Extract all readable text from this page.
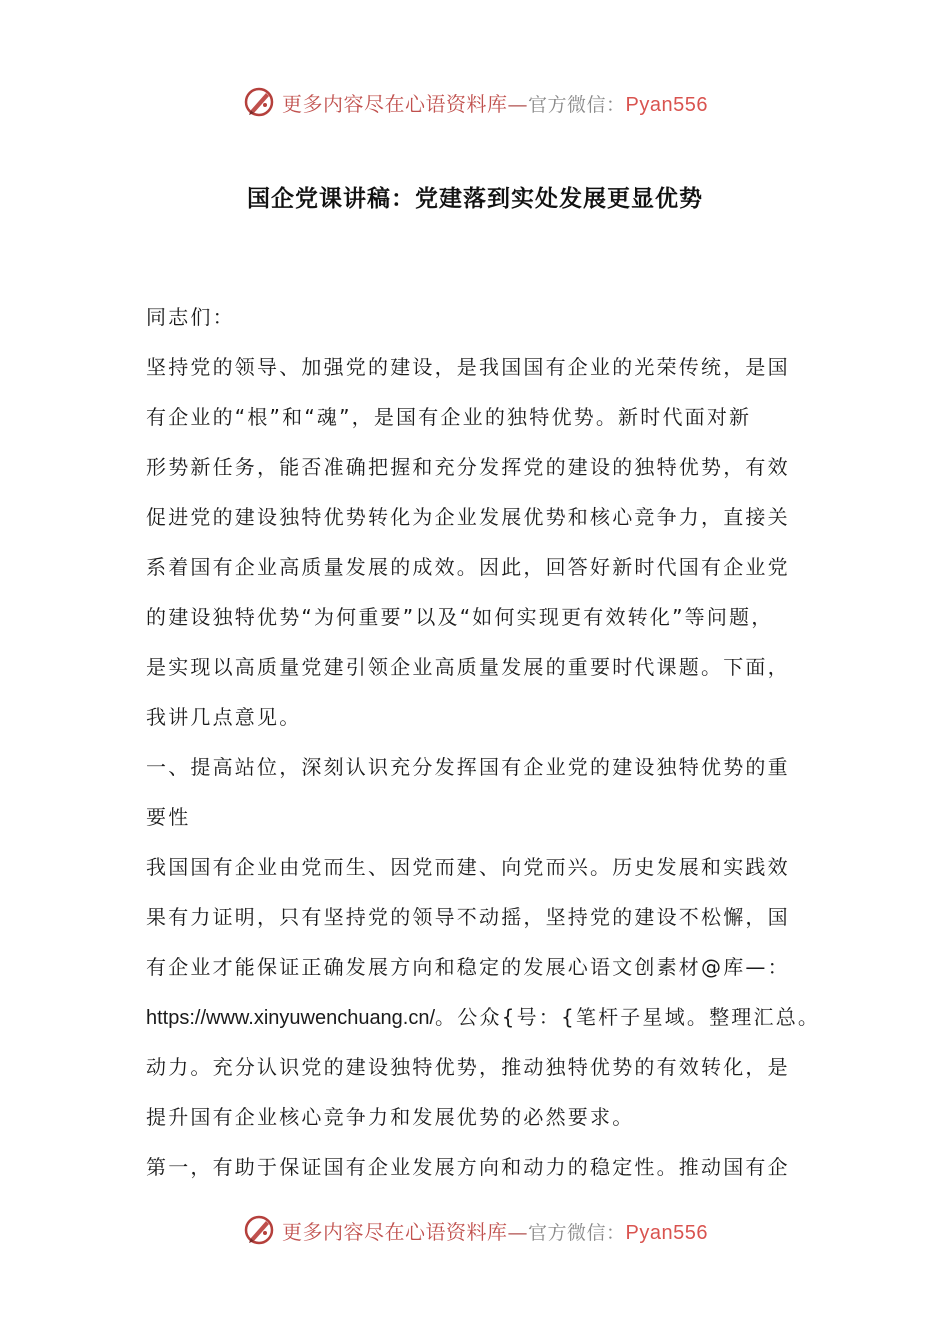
更多内容尽在心语资料库—官方微信：Pyan556
国企党课讲稿：党建落到实处发展更显优势
同志们：
坚持党的领导、加强党的建设，是我国国有企业的光荣传统，是国
有企业的“根”和“魂”，是国有企业的独特优势。新时代面对新
形势新任务，能否准确把握和充分发挥党的建设的独特优势，有效
促进党的建设独特优势转化为企业发展优势和核心竞争力，直接关
系着国有企业高质量发展的成效。因此，回答好新时代国有企业党
的建设独特优势“为何重要”以及“如何实现更有效转化”等问题，
是实现以高质量党建引领企业高质量发展的重要时代课题。下面，
我讲几点意见。
一、提高站位，深刻认识充分发挥国有企业党的建设独特优势的重
要性
我国国有企业由党而生、因党而建、向党而兴。历史发展和实践效
果有力证明，只有坚持党的领导不动摇，坚持党的建设不松懈，国
有企业才能保证正确发展方向和稳定的发展心语文创素材@库—：
https://www.xinyuwenchuang.cn/。公众{号：{笔杆子星域。整理汇总。
动力。充分认识党的建设独特优势，推动独特优势的有效转化，是
提升国有企业核心竞争力和发展优势的必然要求。
第一，有助于保证国有企业发展方向和动力的稳定性。推动国有企
更多内容尽在心语资料库—官方微信：Pyan556
